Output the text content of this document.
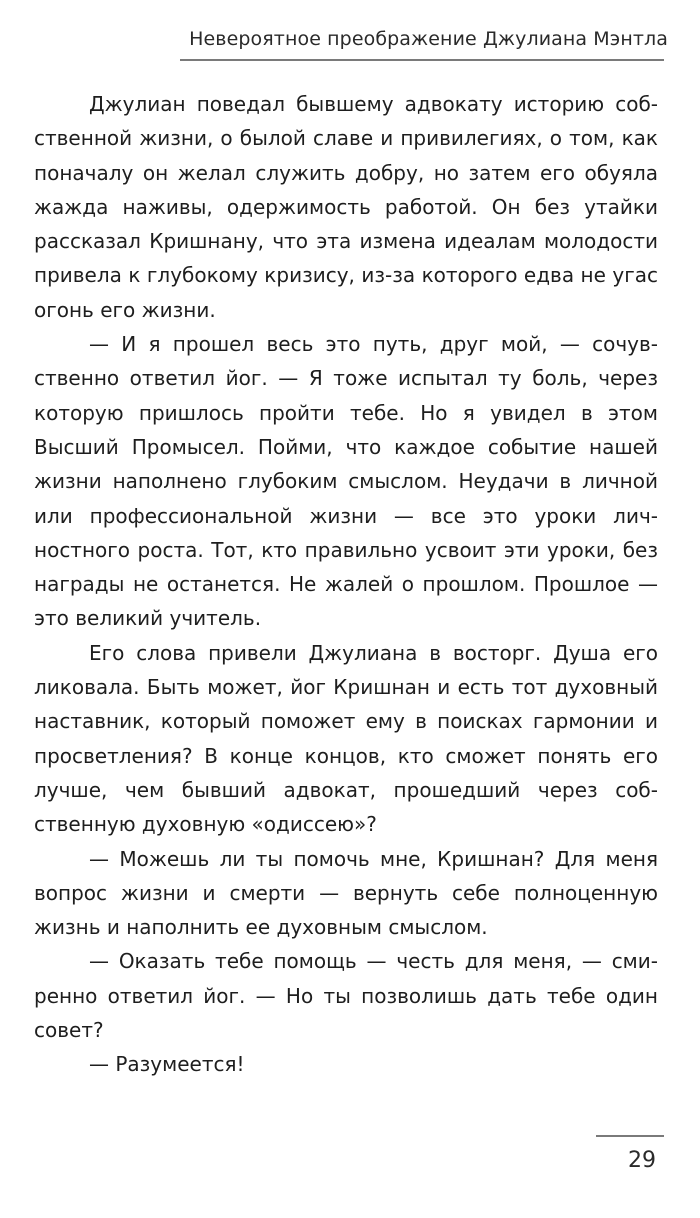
Невероятное преображение Джулиана Мэнтла

Джулиан поведал бывшему адвокату историю собственной жизни, о былой славе и привилегиях, о том, как поначалу он желал служить добру, но затем его обуяла жажда наживы, одержимость работой. Он без утайки рассказал Кришнану, что эта измена идеалам молодости привела к глубокому кризису, из-за которого едва не угас огонь его жизни.

— И я прошел весь это путь, друг мой, — сочувственно ответил йог. — Я тоже испытал ту боль, через которую пришлось пройти тебе. Но я увидел в этом Высший Промысел. Пойми, что каждое событие нашей жизни наполнено глубоким смыслом. Неудачи в личной или профессиональной жизни — все это уроки личностного роста. Тот, кто правильно усвоит эти уроки, без награды не останется. Не жалей о прошлом. Прошлое — это великий учитель.

Его слова привели Джулиана в восторг. Душа его ликовала. Быть может, йог Кришнан и есть тот духовный наставник, который поможет ему в поисках гармонии и просветления? В конце концов, кто сможет понять его лучше, чем бывший адвокат, прошедший через собственную духовную «одиссею»?

— Можешь ли ты помочь мне, Кришнан? Для меня вопрос жизни и смерти — вернуть себе полноценную жизнь и наполнить ее духовным смыслом.

— Оказать тебе помощь — честь для меня, — смиренно ответил йог. — Но ты позволишь дать тебе один совет?

— Разумеется!

29
